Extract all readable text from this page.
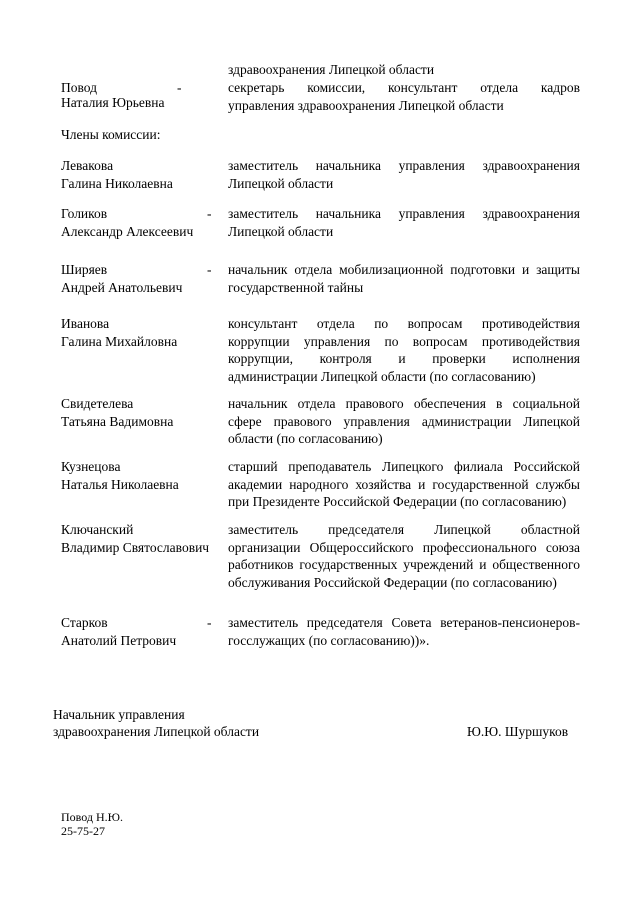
здравоохранения Липецкой области
Повод	-
Наталия Юрьевна
секретарь комиссии, консультант отдела кадров
управления здравоохранения Липецкой области
Члены комиссии:
Левакова
Галина Николаевна
заместитель начальника управления здравоохранения
Липецкой области
Голиков
Александр Алексеевич
- заместитель начальника управления здравоохранения
Липецкой области
Ширяев
Андрей Анатольевич
- начальник отдела мобилизационной подготовки и защиты
государственной тайны
Иванова
Галина Михайловна
консультант отдела по вопросам противодействия
коррупции управления по вопросам противодействия
коррупции, контроля и проверки исполнения
администрации Липецкой области (по согласованию)
Свидетелева
Татьяна Вадимовна
начальник отдела правового обеспечения в социальной
сфере правового управления администрации Липецкой
области (по согласованию)
Кузнецова
Наталья Николаевна
старший преподаватель Липецкого филиала Российской
академии народного хозяйства и государственной службы
при Президенте Российской Федерации (по согласованию)
Ключанский
Владимир Святославович
заместитель председателя Липецкой областной
организации Общероссийского профессионального союза
работников государственных учреждений и общественного
обслуживания Российской Федерации (по согласованию)
Старков
Анатолий Петрович
- заместитель председателя Совета ветеранов-пенсионеров-
госслужащих (по согласованию))».
Начальник управления
здравоохранения Липецкой области	Ю.Ю. Шуршуков
Повод Н.Ю.
25-75-27
